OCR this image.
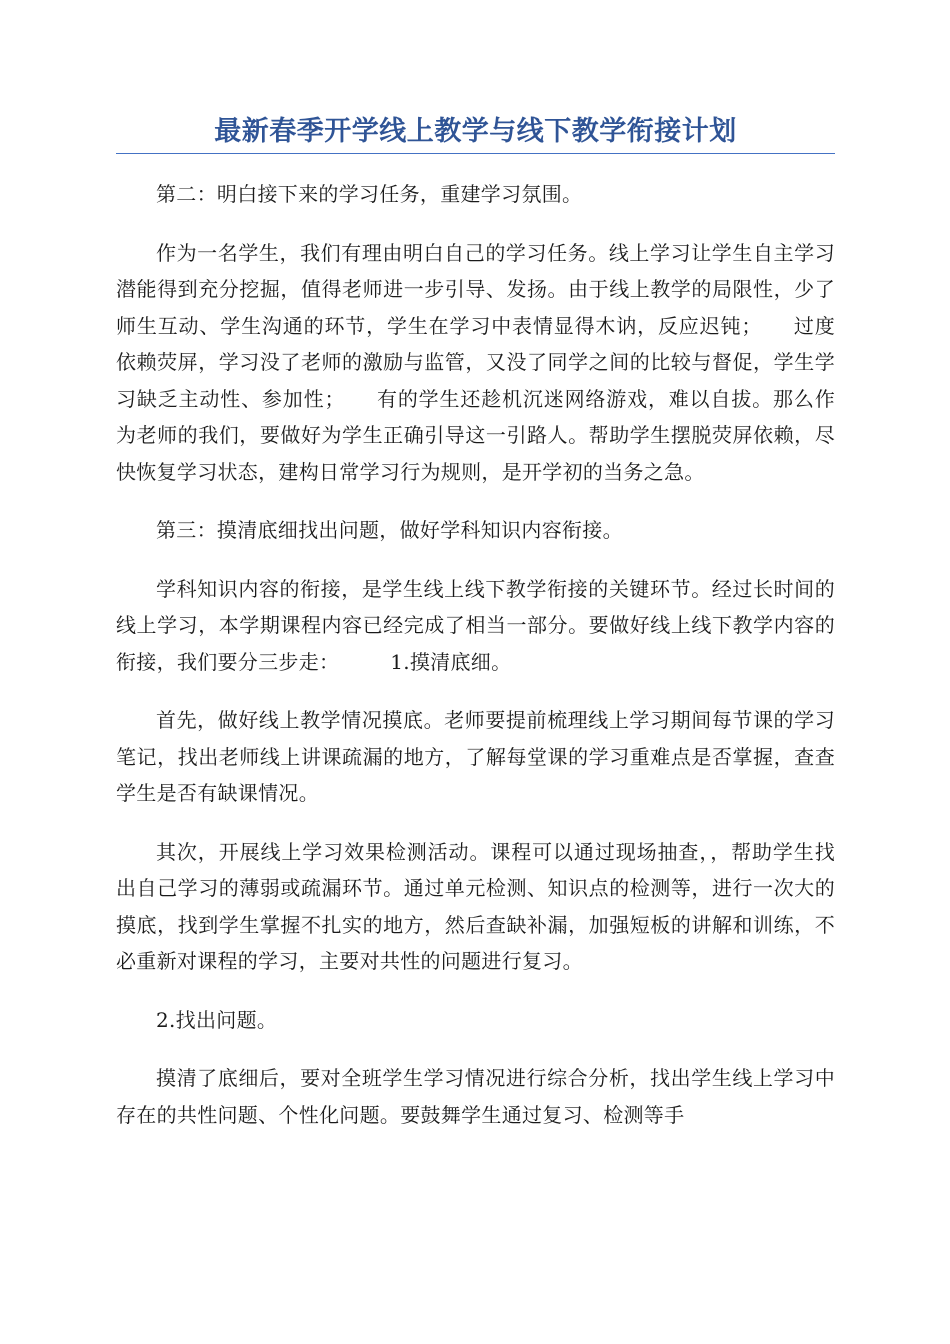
最新春季开学线上教学与线下教学衔接计划

第二：明白接下来的学习任务，重建学习氛围。

作为一名学生，我们有理由明白自己的学习任务。线上学习让学生自主学习潜能得到充分挖掘，值得老师进一步引导、发扬。由于线上教学的局限性，少了师生互动、学生沟通的环节，学生在学习中表情显得木讷，反应迟钝；　　过度依赖荧屏，学习没了老师的激励与监管，又没了同学之间的比较与督促，学生学习缺乏主动性、参加性；　　有的学生还趁机沉迷网络游戏，难以自拔。那么作为老师的我们，要做好为学生正确引导这一引路人。帮助学生摆脱荧屏依赖，尽快恢复学习状态，建构日常学习行为规则，是开学初的当务之急。

第三：摸清底细找出问题，做好学科知识内容衔接。

学科知识内容的衔接，是学生线上线下教学衔接的关键环节。经过长时间的线上学习，本学期课程内容已经完成了相当一部分。要做好线上线下教学内容的衔接，我们要分三步走：　　　1.摸清底细。

首先，做好线上教学情况摸底。老师要提前梳理线上学习期间每节课的学习笔记，找出老师线上讲课疏漏的地方，了解每堂课的学习重难点是否掌握，查查学生是否有缺课情况。

其次，开展线上学习效果检测活动。课程可以通过现场抽查，，帮助学生找出自己学习的薄弱或疏漏环节。通过单元检测、知识点的检测等，进行一次大的摸底，找到学生掌握不扎实的地方，然后查缺补漏，加强短板的讲解和训练，不必重新对课程的学习，主要对共性的问题进行复习。

2.找出问题。

摸清了底细后，要对全班学生学习情况进行综合分析，找出学生线上学习中存在的共性问题、个性化问题。要鼓舞学生通过复习、检测等手
